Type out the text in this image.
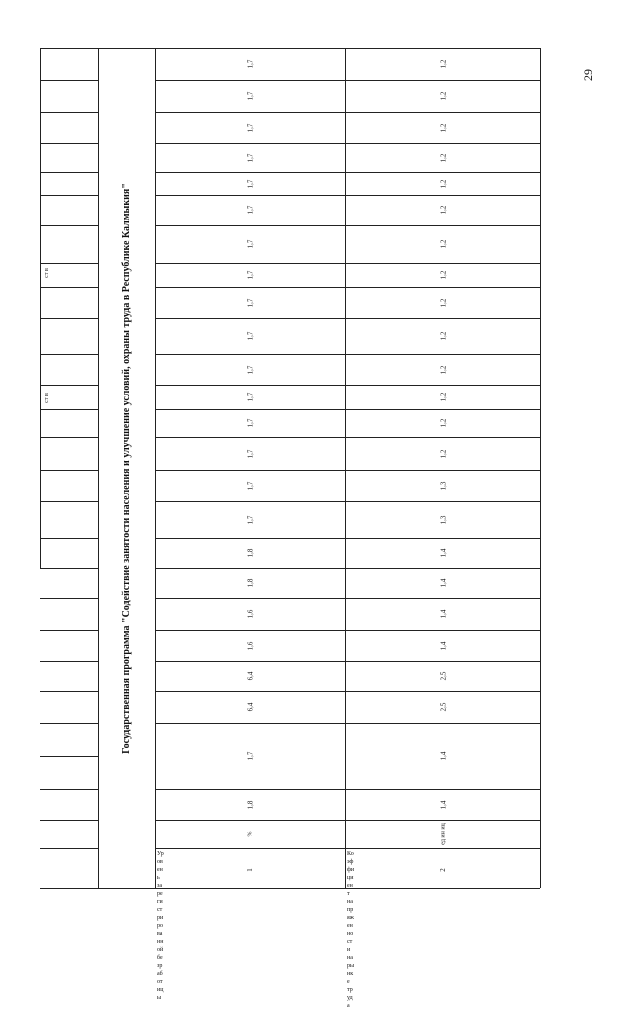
29
Государственная программа "Содействие занятости населения и улучшение условий, охраны труда в Республике Калмыкия"
ст в
ст в
1,8
1,7
6,4
6,4
1,6
1,6
1,8
1,8
1,7
1,7
1,7
1,7
1,7
1,7
1,7
1,7
1,7
1,7
1,7
1,7
1,7
1,7
1,7
1,7
%
1
1,4
1,4
2,5
2,5
1,4
1,4
1,4
1,4
1,3
1,3
1,2
1,2
1,2
1,2
1,2
1,2
1,2
1,2
1,2
1,2
1,2
1,2
1,2
1,2
ед ин иц
2
Ур
ов
ен
ь
за
ре
ги
ст
ри
ро
ва
нн
ой
бе
зр
аб
от
иц
ы
Ко
эф
фи
ци
ен
т
нa
пр
яж
ен
но
ст
и
на
ры
нк
е
тр
уд
а
